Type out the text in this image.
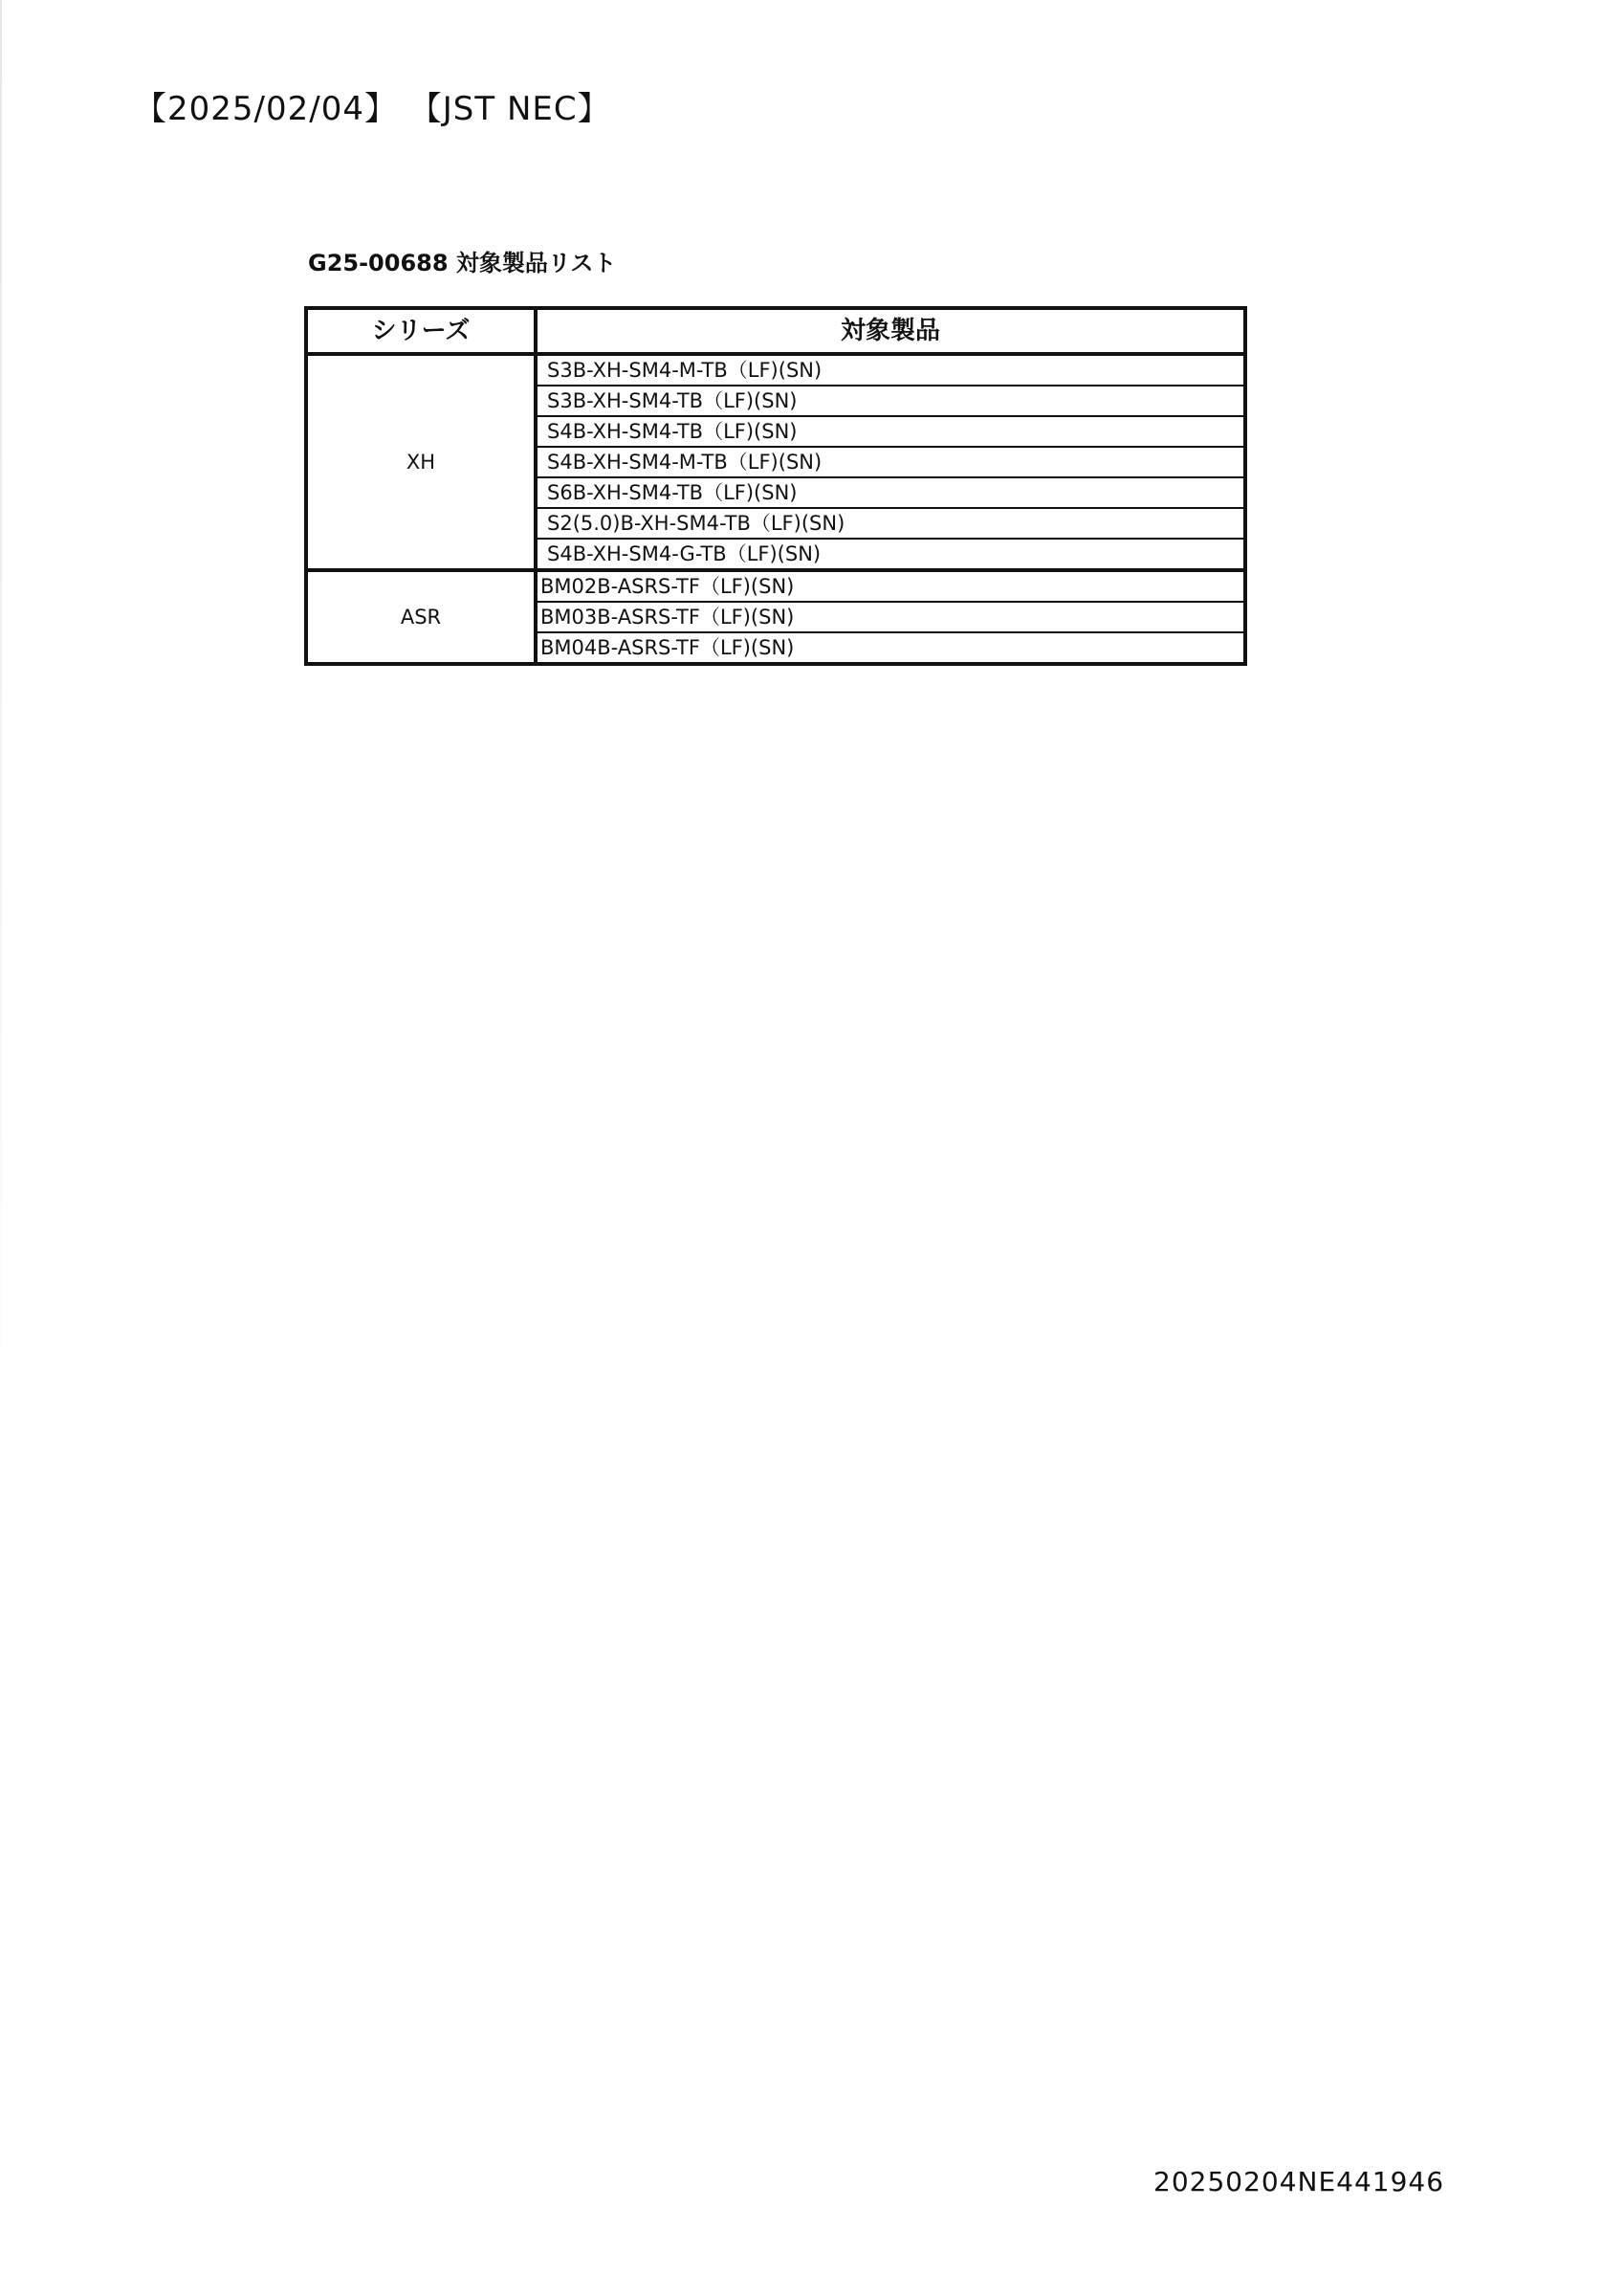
【2025/02/04】 【JST NEC】
G25-00688 対象製品リスト
シリーズ	対象製品
XH	S3B-XH-SM4-M-TB（LF)(SN)
	S3B-XH-SM4-TB（LF)(SN)
	S4B-XH-SM4-TB（LF)(SN)
	S4B-XH-SM4-M-TB（LF)(SN)
	S6B-XH-SM4-TB（LF)(SN)
	S2(5.0)B-XH-SM4-TB（LF)(SN)
	S4B-XH-SM4-G-TB（LF)(SN)
ASR	BM02B-ASRS-TF（LF)(SN)
	BM03B-ASRS-TF（LF)(SN)
	BM04B-ASRS-TF（LF)(SN)
20250204NE441946
